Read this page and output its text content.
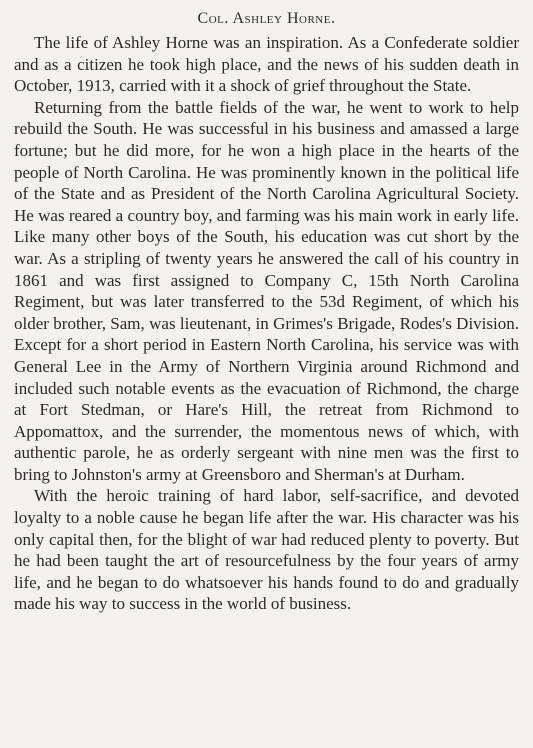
Col. Ashley Horne.

The life of Ashley Horne was an inspiration. As a Confederate soldier and as a citizen he took high place, and the news of his sudden death in October, 1913, carried with it a shock of grief throughout the State.

Returning from the battle fields of the war, he went to work to help rebuild the South. He was successful in his business and amassed a large fortune; but he did more, for he won a high place in the hearts of the people of North Carolina. He was prominently known in the political life of the State and as President of the North Carolina Agricultural Society. He was reared a country boy, and farming was his main work in early life. Like many other boys of the South, his education was cut short by the war. As a stripling of twenty years he answered the call of his country in 1861 and was first assigned to Company C, 15th North Carolina Regiment, but was later transferred to the 53d Regiment, of which his older brother, Sam, was lieutenant, in Grimes's Brigade, Rodes's Division. Except for a short period in Eastern North Carolina, his service was with General Lee in the Army of Northern Virginia around Richmond and included such notable events as the evacuation of Richmond, the charge at Fort Stedman, or Hare's Hill, the retreat from Richmond to Appomattox, and the surrender, the momentous news of which, with authentic parole, he as orderly sergeant with nine men was the first to bring to Johnston's army at Greensboro and Sherman's at Durham.

With the heroic training of hard labor, self-sacrifice, and devoted loyalty to a noble cause he began life after the war. His character was his only capital then, for the blight of war had reduced plenty to poverty. But he had been taught the art of resourcefulness by the four years of army life, and he began to do whatsoever his hands found to do and gradually made his way to success in the world of business.
